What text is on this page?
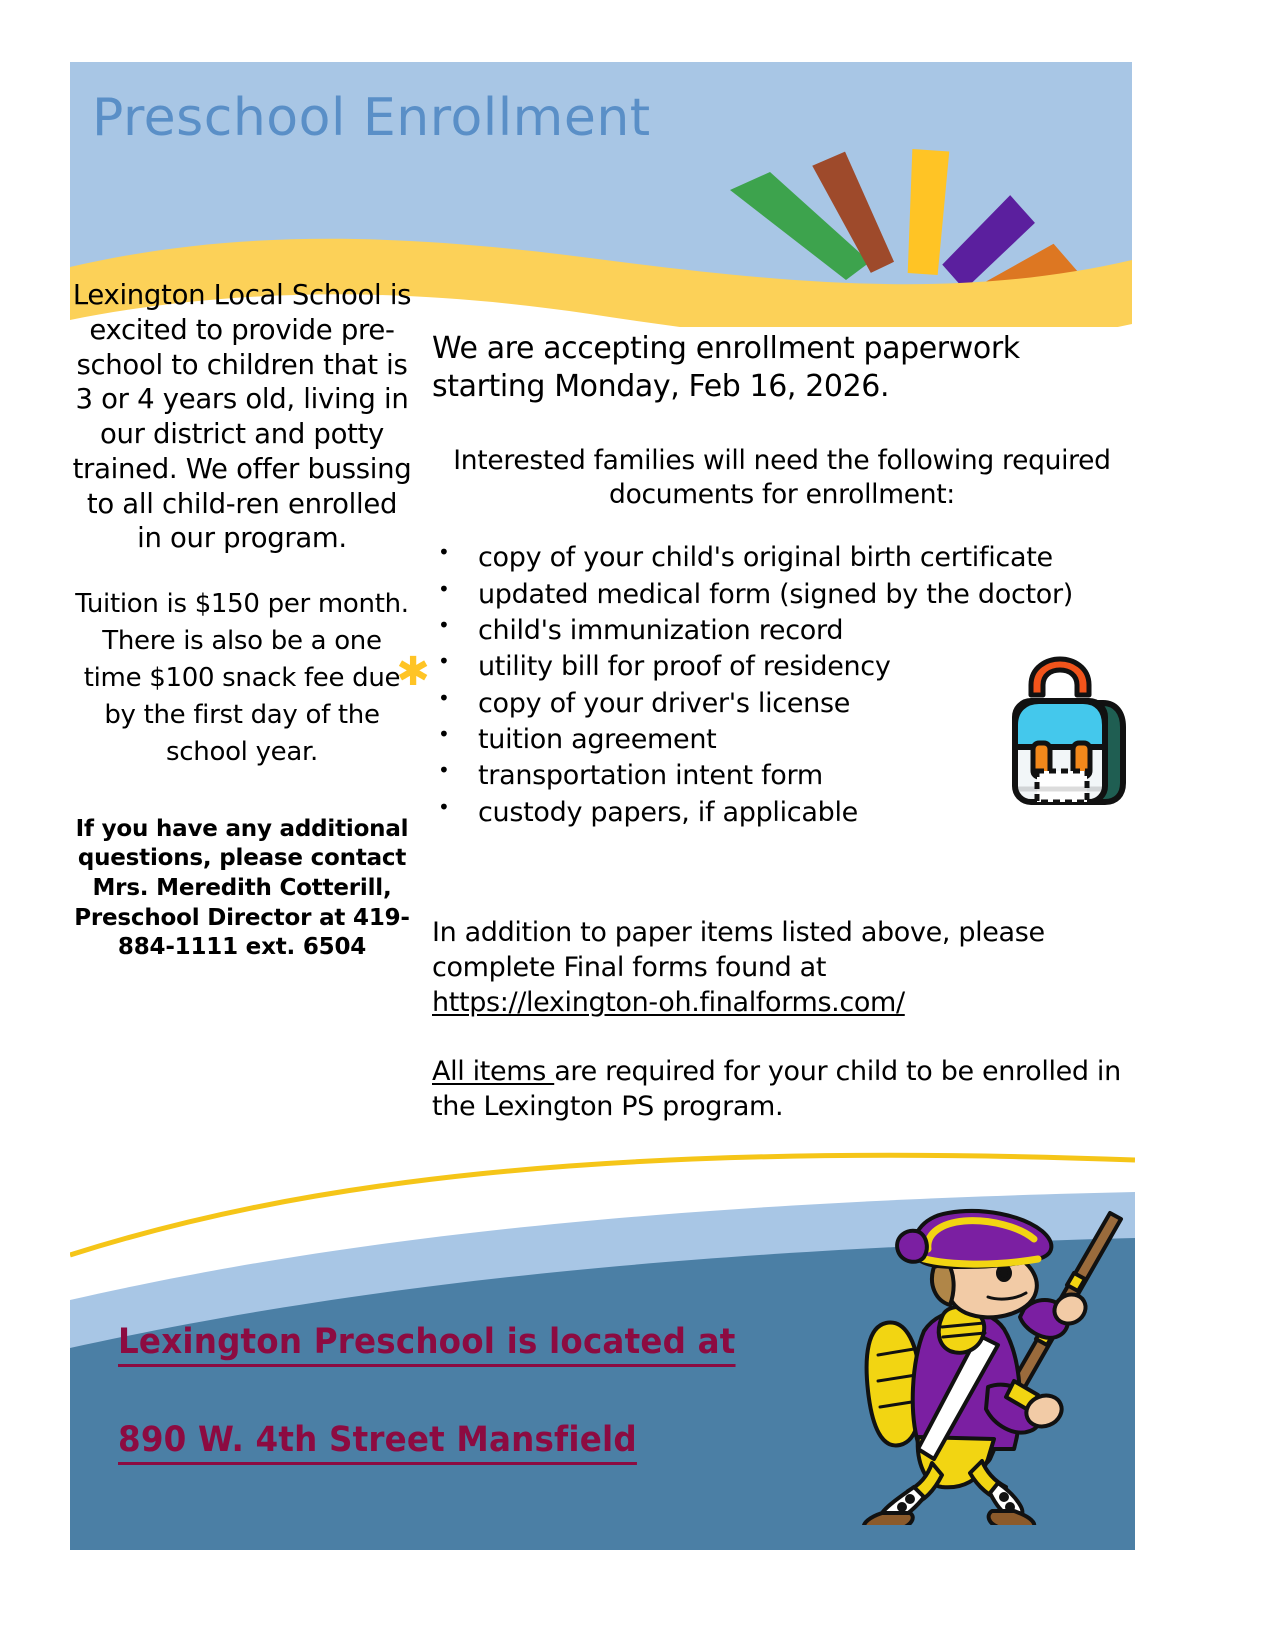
Preschool Enrollment

Lexington Local School is excited to provide pre-school to children that is 3 or 4 years old, living in our district and potty trained. We offer bussing to all child-ren enrolled in our program.

Tuition is $150 per month. There is also be a one time $100 snack fee due by the first day of the school year.

If you have any additional questions, please contact Mrs. Meredith Cotterill, Preschool Director at 419-884-1111 ext. 6504

✱

We are accepting enrollment paperwork starting Monday, Feb 16, 2026.

Interested families will need the following required documents for enrollment:

• copy of your child's original birth certificate
• updated medical form (signed by the doctor)
• child's immunization record
• utility bill for proof of residency
• copy of your driver's license
• tuition agreement
• transportation intent form
• custody papers, if applicable

In addition to paper items listed above, please complete Final forms found at
https://lexington-oh.finalforms.com/

All items are required for your child to be enrolled in the Lexington PS program.

Lexington Preschool is located at
890 W. 4th Street Mansfield
